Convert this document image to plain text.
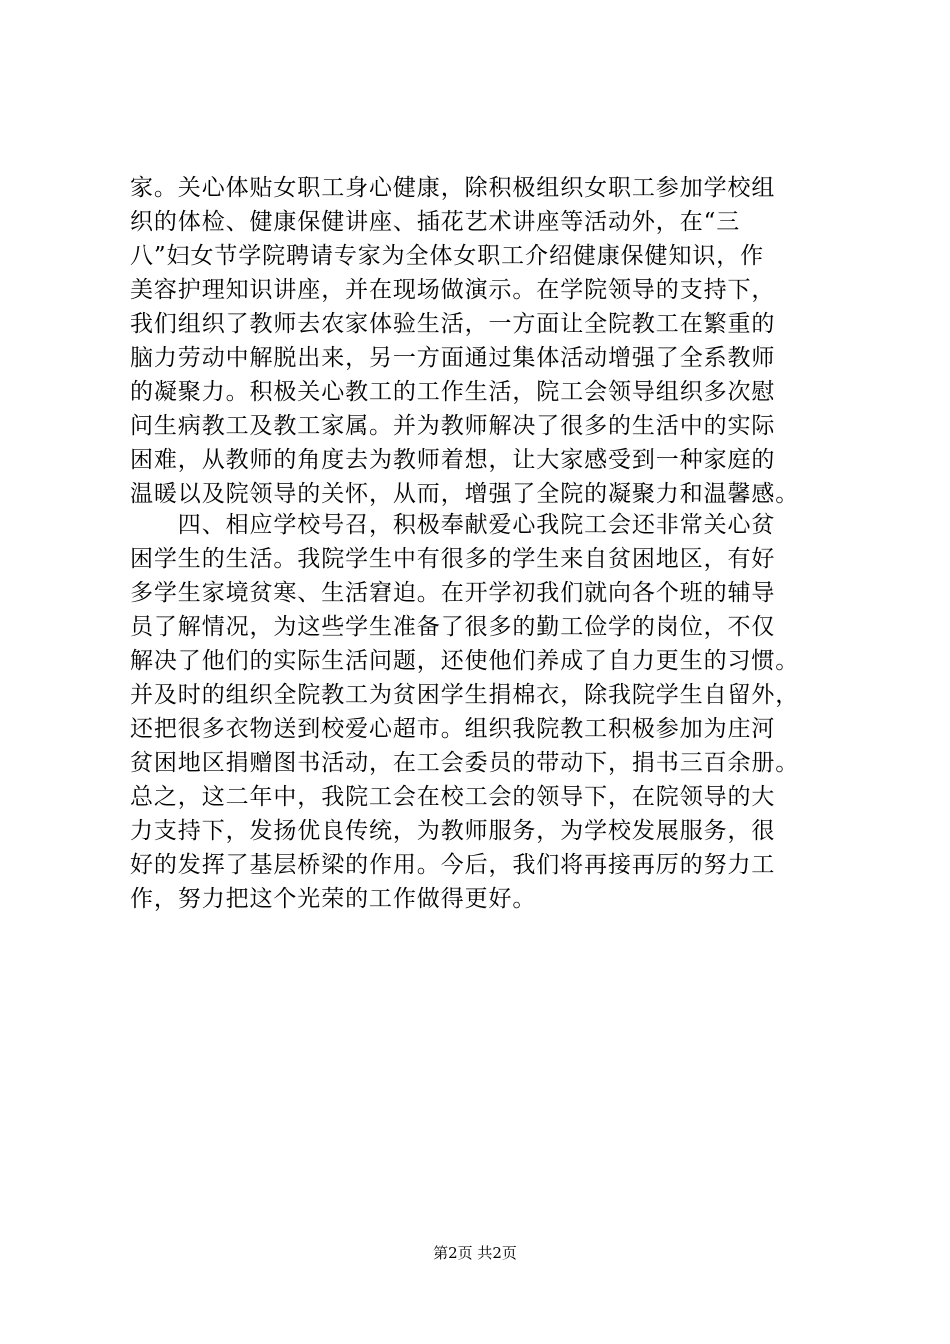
家。关心体贴女职工身心健康，除积极组织女职工参加学校组
织的体检、健康保健讲座、插花艺术讲座等活动外，在“三
八”妇女节学院聘请专家为全体女职工介绍健康保健知识，作
美容护理知识讲座，并在现场做演示。在学院领导的支持下，
我们组织了教师去农家体验生活，一方面让全院教工在繁重的
脑力劳动中解脱出来，另一方面通过集体活动增强了全系教师
的凝聚力。积极关心教工的工作生活，院工会领导组织多次慰
问生病教工及教工家属。并为教师解决了很多的生活中的实际
困难，从教师的角度去为教师着想，让大家感受到一种家庭的
温暖以及院领导的关怀，从而，增强了全院的凝聚力和温馨感。
　　四、相应学校号召，积极奉献爱心我院工会还非常关心贫
困学生的生活。我院学生中有很多的学生来自贫困地区，有好
多学生家境贫寒、生活窘迫。在开学初我们就向各个班的辅导
员了解情况，为这些学生准备了很多的勤工俭学的岗位，不仅
解决了他们的实际生活问题，还使他们养成了自力更生的习惯。
并及时的组织全院教工为贫困学生捐棉衣，除我院学生自留外，
还把很多衣物送到校爱心超市。组织我院教工积极参加为庄河
贫困地区捐赠图书活动，在工会委员的带动下，捐书三百余册。
总之，这二年中，我院工会在校工会的领导下，在院领导的大
力支持下，发扬优良传统，为教师服务，为学校发展服务，很
好的发挥了基层桥梁的作用。今后，我们将再接再厉的努力工
作，努力把这个光荣的工作做得更好。
第2页 共2页
